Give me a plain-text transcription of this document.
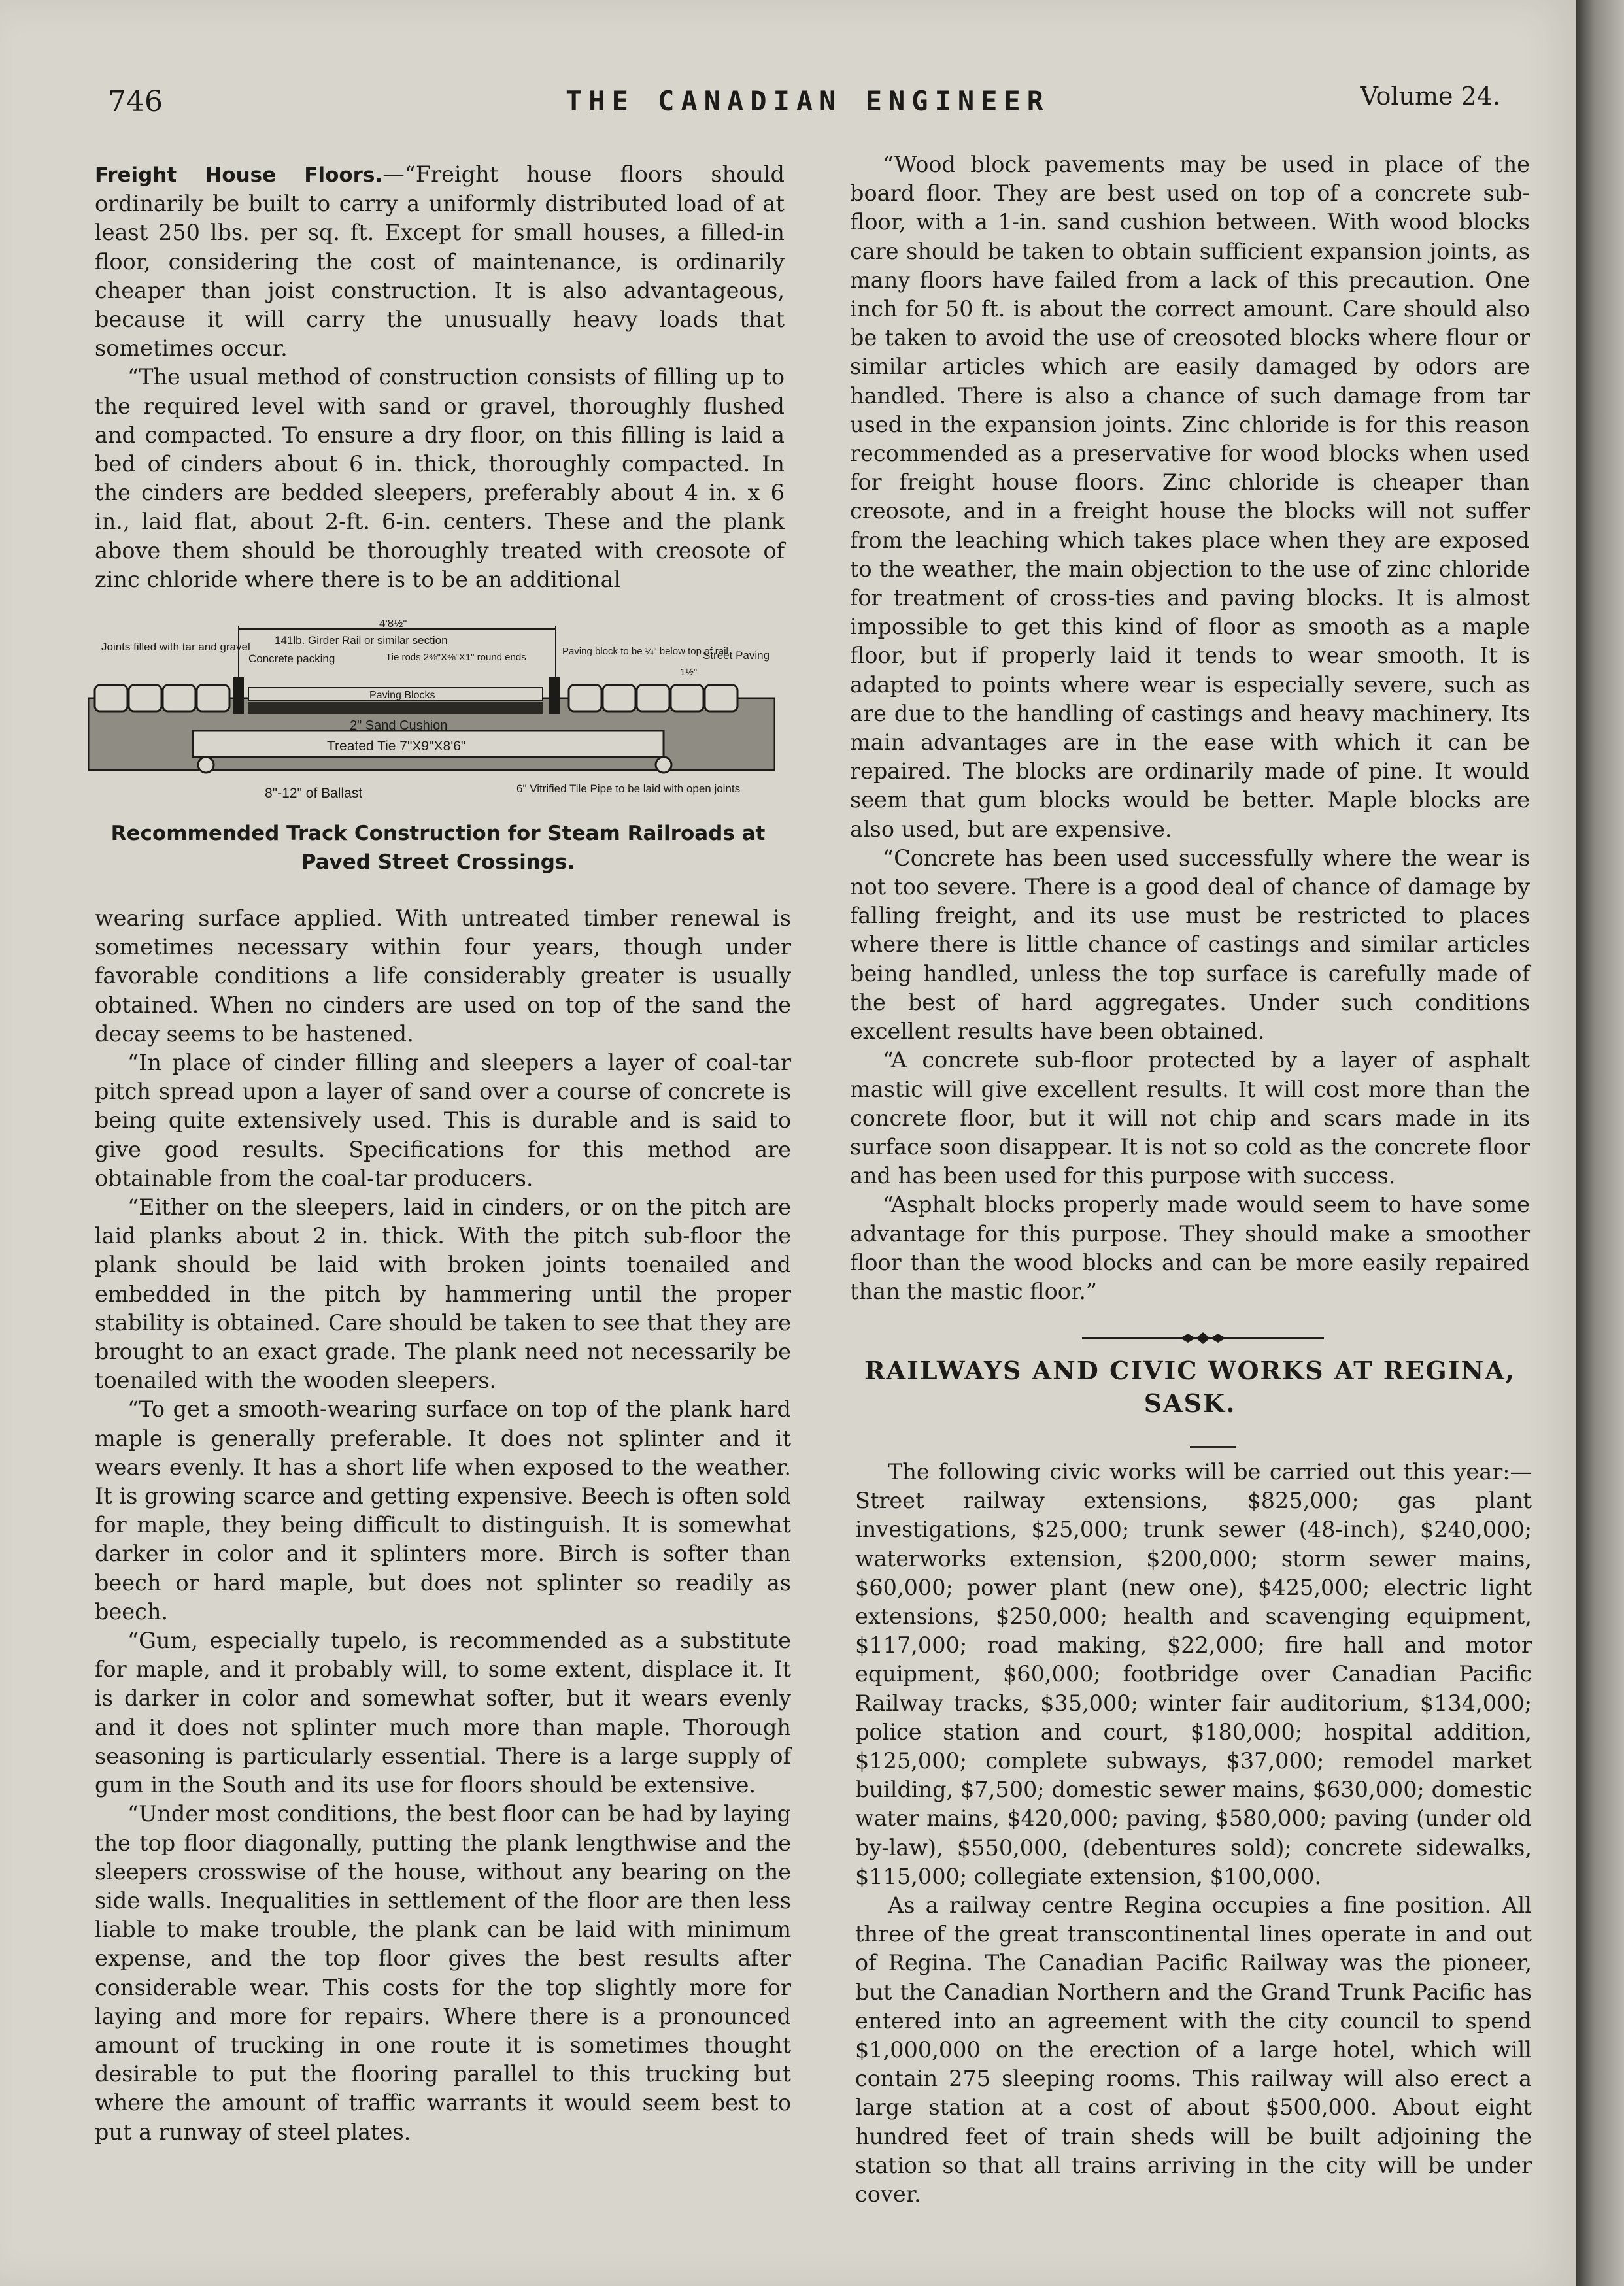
746	THE CANADIAN ENGINEER	Volume 24.

Freight House Floors.—“Freight house floors should ordinarily be built to carry a uniformly distributed load of at least 250 lbs. per sq. ft. Except for small houses, a filled-in floor, considering the cost of maintenance, is ordinarily cheaper than joist construction. It is also advantageous, because it will carry the unusually heavy loads that sometimes occur.

“The usual method of construction consists of filling up to the required level with sand or gravel, thoroughly flushed and compacted. To ensure a dry floor, on this filling is laid a bed of cinders about 6 in. thick, thoroughly compacted. In the cinders are bedded sleepers, preferably about 4 in. x 6 in., laid flat, about 2-ft. 6-in. centers. These and the plank above them should be thoroughly treated with creosote of zinc chloride where there is to be an additional

4'8½"
141lb. Girder Rail or similar section
Joints filled with tar and gravel
Concrete packing	Tie rods 2⅜"X⅜"X1" round ends
Paving block to be ¼" below top of rail
Street Paving
1½"
Paving Blocks
2" Sand Cushion
Treated Tie 7"X9"X8'6"
8"-12" of Ballast	6" Vitrified Tile Pipe to be laid with open joints
Recommended Track Construction for Steam Railroads at Paved Street Crossings.

wearing surface applied. With untreated timber renewal is sometimes necessary within four years, though under favorable conditions a life considerably greater is usually obtained. When no cinders are used on top of the sand the decay seems to be hastened.

“In place of cinder filling and sleepers a layer of coal-tar pitch spread upon a layer of sand over a course of concrete is being quite extensively used. This is durable and is said to give good results. Specifications for this method are obtainable from the coal-tar producers.

“Either on the sleepers, laid in cinders, or on the pitch are laid planks about 2 in. thick. With the pitch sub-floor the plank should be laid with broken joints toenailed and embedded in the pitch by hammering until the proper stability is obtained. Care should be taken to see that they are brought to an exact grade. The plank need not necessarily be toenailed with the wooden sleepers.

“To get a smooth-wearing surface on top of the plank hard maple is generally preferable. It does not splinter and it wears evenly. It has a short life when exposed to the weather. It is growing scarce and getting expensive. Beech is often sold for maple, they being difficult to distinguish. It is somewhat darker in color and it splinters more. Birch is softer than beech or hard maple, but does not splinter so readily as beech.

“Gum, especially tupelo, is recommended as a substitute for maple, and it probably will, to some extent, displace it. It is darker in color and somewhat softer, but it wears evenly and it does not splinter much more than maple. Thorough seasoning is particularly essential. There is a large supply of gum in the South and its use for floors should be extensive.

“Under most conditions, the best floor can be had by laying the top floor diagonally, putting the plank lengthwise and the sleepers crosswise of the house, without any bearing on the side walls. Inequalities in settlement of the floor are then less liable to make trouble, the plank can be laid with minimum expense, and the top floor gives the best results after considerable wear. This costs for the top slightly more for laying and more for repairs. Where there is a pronounced amount of trucking in one route it is sometimes thought desirable to put the flooring parallel to this trucking but where the amount of traffic warrants it would seem best to put a runway of steel plates.

“Wood block pavements may be used in place of the board floor. They are best used on top of a concrete sub-floor, with a 1-in. sand cushion between. With wood blocks care should be taken to obtain sufficient expansion joints, as many floors have failed from a lack of this precaution. One inch for 50 ft. is about the correct amount. Care should also be taken to avoid the use of creosoted blocks where flour or similar articles which are easily damaged by odors are handled. There is also a chance of such damage from tar used in the expansion joints. Zinc chloride is for this reason recommended as a preservative for wood blocks when used for freight house floors. Zinc chloride is cheaper than creosote, and in a freight house the blocks will not suffer from the leaching which takes place when they are exposed to the weather, the main objection to the use of zinc chloride for treatment of cross-ties and paving blocks. It is almost impossible to get this kind of floor as smooth as a maple floor, but if properly laid it tends to wear smooth. It is adapted to points where wear is especially severe, such as are due to the handling of castings and heavy machinery. Its main advantages are in the ease with which it can be repaired. The blocks are ordinarily made of pine. It would seem that gum blocks would be better. Maple blocks are also used, but are expensive.

“Concrete has been used successfully where the wear is not too severe. There is a good deal of chance of damage by falling freight, and its use must be restricted to places where there is little chance of castings and similar articles being handled, unless the top surface is carefully made of the best of hard aggregates. Under such conditions excellent results have been obtained.

“A concrete sub-floor protected by a layer of asphalt mastic will give excellent results. It will cost more than the concrete floor, but it will not chip and scars made in its surface soon disappear. It is not so cold as the concrete floor and has been used for this purpose with success.

“Asphalt blocks properly made would seem to have some advantage for this purpose. They should make a smoother floor than the wood blocks and can be more easily repaired than the mastic floor.”

RAILWAYS AND CIVIC WORKS AT REGINA, SASK.

The following civic works will be carried out this year:—Street railway extensions, $825,000; gas plant investigations, $25,000; trunk sewer (48-inch), $240,000; waterworks extension, $200,000; storm sewer mains, $60,000; power plant (new one), $425,000; electric light extensions, $250,000; health and scavenging equipment, $117,000; road making, $22,000; fire hall and motor equipment, $60,000; footbridge over Canadian Pacific Railway tracks, $35,000; winter fair auditorium, $134,000; police station and court, $180,000; hospital addition, $125,000; complete subways, $37,000; remodel market building, $7,500; domestic sewer mains, $630,000; domestic water mains, $420,000; paving, $580,000; paving (under old by-law), $550,000, (debentures sold); concrete sidewalks, $115,000; collegiate extension, $100,000.

As a railway centre Regina occupies a fine position. All three of the great transcontinental lines operate in and out of Regina. The Canadian Pacific Railway was the pioneer, but the Canadian Northern and the Grand Trunk Pacific has entered into an agreement with the city council to spend $1,000,000 on the erection of a large hotel, which will contain 275 sleeping rooms. This railway will also erect a large station at a cost of about $500,000. About eight hundred feet of train sheds will be built adjoining the station so that all trains arriving in the city will be under cover.
